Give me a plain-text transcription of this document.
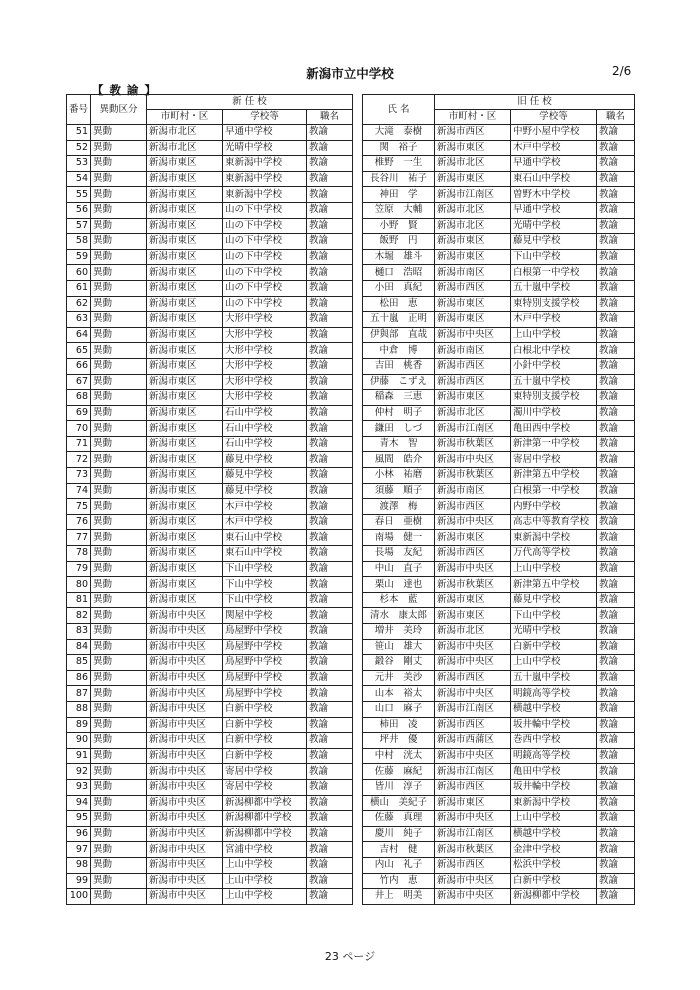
新潟市立中学校	2/6
【 教 諭 】
番号	異動区分	新 任 校				氏 名	旧 任 校		
		市町村・区	学校等	職名			市町村・区	学校等	職名
51	異動	新潟市北区	早通中学校	教諭		大滝　泰樹	新潟市西区	中野小屋中学校	教諭
52	異動	新潟市北区	光晴中学校	教諭		関　裕子	新潟市東区	木戸中学校	教諭
53	異動	新潟市東区	東新潟中学校	教諭		椎野　一生	新潟市北区	早通中学校	教諭
54	異動	新潟市東区	東新潟中学校	教諭		長谷川　祐子	新潟市東区	東石山中学校	教諭
55	異動	新潟市東区	東新潟中学校	教諭		神田　学	新潟市江南区	曽野木中学校	教諭
56	異動	新潟市東区	山の下中学校	教諭		笠原　大輔	新潟市北区	早通中学校	教諭
57	異動	新潟市東区	山の下中学校	教諭		小野　賢	新潟市北区	光晴中学校	教諭
58	異動	新潟市東区	山の下中学校	教諭		飯野　円	新潟市東区	藤見中学校	教諭
59	異動	新潟市東区	山の下中学校	教諭		木堀　雄斗	新潟市東区	下山中学校	教諭
60	異動	新潟市東区	山の下中学校	教諭		樋口　浩昭	新潟市南区	白根第一中学校	教諭
61	異動	新潟市東区	山の下中学校	教諭		小田　真紀	新潟市西区	五十嵐中学校	教諭
62	異動	新潟市東区	山の下中学校	教諭		松田　恵	新潟市東区	東特別支援学校	教諭
63	異動	新潟市東区	大形中学校	教諭		五十嵐　正明	新潟市東区	木戸中学校	教諭
64	異動	新潟市東区	大形中学校	教諭		伊與部　直哉	新潟市中央区	上山中学校	教諭
65	異動	新潟市東区	大形中学校	教諭		中倉　博	新潟市南区	白根北中学校	教諭
66	異動	新潟市東区	大形中学校	教諭		吉田　桃香	新潟市西区	小針中学校	教諭
67	異動	新潟市東区	大形中学校	教諭		伊藤　こずえ	新潟市西区	五十嵐中学校	教諭
68	異動	新潟市東区	大形中学校	教諭		稲森　三恵	新潟市東区	東特別支援学校	教諭
69	異動	新潟市東区	石山中学校	教諭		仲村　明子	新潟市北区	濁川中学校	教諭
70	異動	新潟市東区	石山中学校	教諭		鎌田　しづ	新潟市江南区	亀田西中学校	教諭
71	異動	新潟市東区	石山中学校	教諭		青木　智	新潟市秋葉区	新津第一中学校	教諭
72	異動	新潟市東区	藤見中学校	教諭		風間　皓介	新潟市中央区	寄居中学校	教諭
73	異動	新潟市東区	藤見中学校	教諭		小林　祐磨	新潟市秋葉区	新津第五中学校	教諭
74	異動	新潟市東区	藤見中学校	教諭		須藤　順子	新潟市南区	白根第一中学校	教諭
75	異動	新潟市東区	木戸中学校	教諭		渡澤　梅	新潟市西区	内野中学校	教諭
76	異動	新潟市東区	木戸中学校	教諭		春日　亜樹	新潟市中央区	高志中等教育学校	教諭
77	異動	新潟市東区	東石山中学校	教諭		南場　健一	新潟市東区	東新潟中学校	教諭
78	異動	新潟市東区	東石山中学校	教諭		長場　友紀	新潟市西区	万代高等学校	教諭
79	異動	新潟市東区	下山中学校	教諭		中山　直子	新潟市中央区	上山中学校	教諭
80	異動	新潟市東区	下山中学校	教諭		栗山　達也	新潟市秋葉区	新津第五中学校	教諭
81	異動	新潟市東区	下山中学校	教諭		杉本　藍	新潟市東区	藤見中学校	教諭
82	異動	新潟市中央区	関屋中学校	教諭		清水　康太郎	新潟市東区	下山中学校	教諭
83	異動	新潟市中央区	鳥屋野中学校	教諭		増井　美玲	新潟市北区	光晴中学校	教諭
84	異動	新潟市中央区	鳥屋野中学校	教諭		笹山　雄大	新潟市中央区	白新中学校	教諭
85	異動	新潟市中央区	鳥屋野中学校	教諭		鍛谷　剛丈	新潟市中央区	上山中学校	教諭
86	異動	新潟市中央区	鳥屋野中学校	教諭		元井　美沙	新潟市西区	五十嵐中学校	教諭
87	異動	新潟市中央区	鳥屋野中学校	教諭		山本　裕太	新潟市中央区	明鏡高等学校	教諭
88	異動	新潟市中央区	白新中学校	教諭		山口　麻子	新潟市江南区	横越中学校	教諭
89	異動	新潟市中央区	白新中学校	教諭		柿田　凌	新潟市西区	坂井輪中学校	教諭
90	異動	新潟市中央区	白新中学校	教諭		坪井　優	新潟市西蒲区	巻西中学校	教諭
91	異動	新潟市中央区	白新中学校	教諭		中村　洸太	新潟市中央区	明鏡高等学校	教諭
92	異動	新潟市中央区	寄居中学校	教諭		佐藤　麻紀	新潟市江南区	亀田中学校	教諭
93	異動	新潟市中央区	寄居中学校	教諭		皆川　淳子	新潟市西区	坂井輪中学校	教諭
94	異動	新潟市中央区	新潟柳都中学校	教諭		横山　美紀子	新潟市東区	東新潟中学校	教諭
95	異動	新潟市中央区	新潟柳都中学校	教諭		佐藤　真理	新潟市中央区	上山中学校	教諭
96	異動	新潟市中央区	新潟柳都中学校	教諭		慶川　純子	新潟市江南区	横越中学校	教諭
97	異動	新潟市中央区	宮浦中学校	教諭		吉村　健	新潟市秋葉区	金津中学校	教諭
98	異動	新潟市中央区	上山中学校	教諭		内山　礼子	新潟市西区	松浜中学校	教諭
99	異動	新潟市中央区	上山中学校	教諭		竹内　恵	新潟市中央区	白新中学校	教諭
100	異動	新潟市中央区	上山中学校	教諭		井上　明美	新潟市中央区	新潟柳都中学校	教諭
23 ページ
